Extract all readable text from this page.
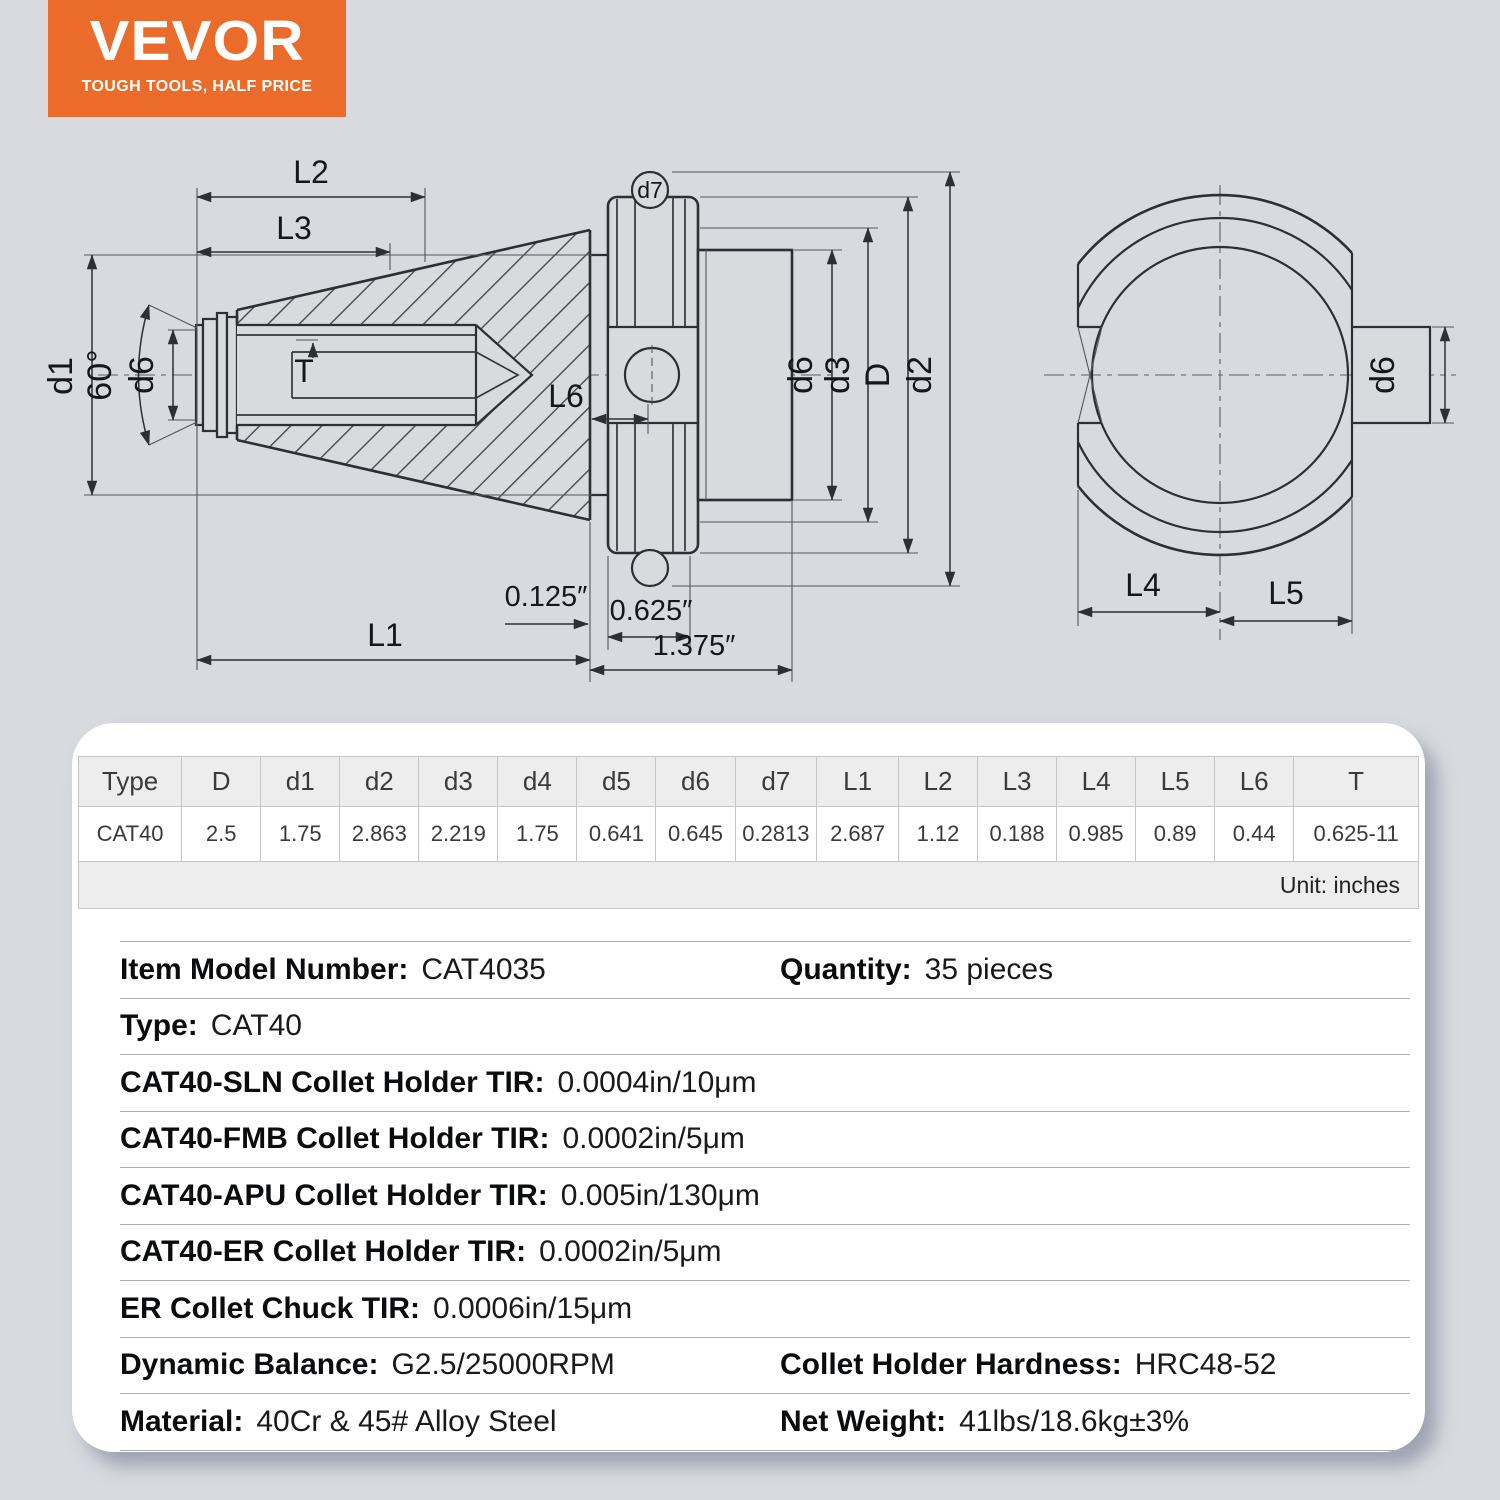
VEVOR
TOUGH TOOLS, HALF PRICE
d7
d1 60° d6	T
L2
L3
L6
d6 d3 D d2
0.125″ 0.625″
1.375″
L1
d6
L4	L5
Type	D	d1	d2	d3	d4	d5	d6	d7	L1	L2	L3	L4	L5	L6	T
CAT40	2.5	1.75	2.863	2.219	1.75	0.641	0.645	0.2813	2.687	1.12	0.188	0.985	0.89	0.44	0.625-11
Unit: inches															
Item Model Number: CAT4035	Quantity: 35 pieces
Type: CAT40
CAT40-SLN Collet Holder TIR: 0.0004in/10μm
CAT40-FMB Collet Holder TIR: 0.0002in/5μm
CAT40-APU Collet Holder TIR: 0.005in/130μm
CAT40-ER Collet Holder TIR: 0.0002in/5μm
ER Collet Chuck TIR: 0.0006in/15μm
Dynamic Balance: G2.5/25000RPM	Collet Holder Hardness: HRC48-52
Material: 40Cr & 45# Alloy Steel	Net Weight: 41lbs/18.6kg±3%
